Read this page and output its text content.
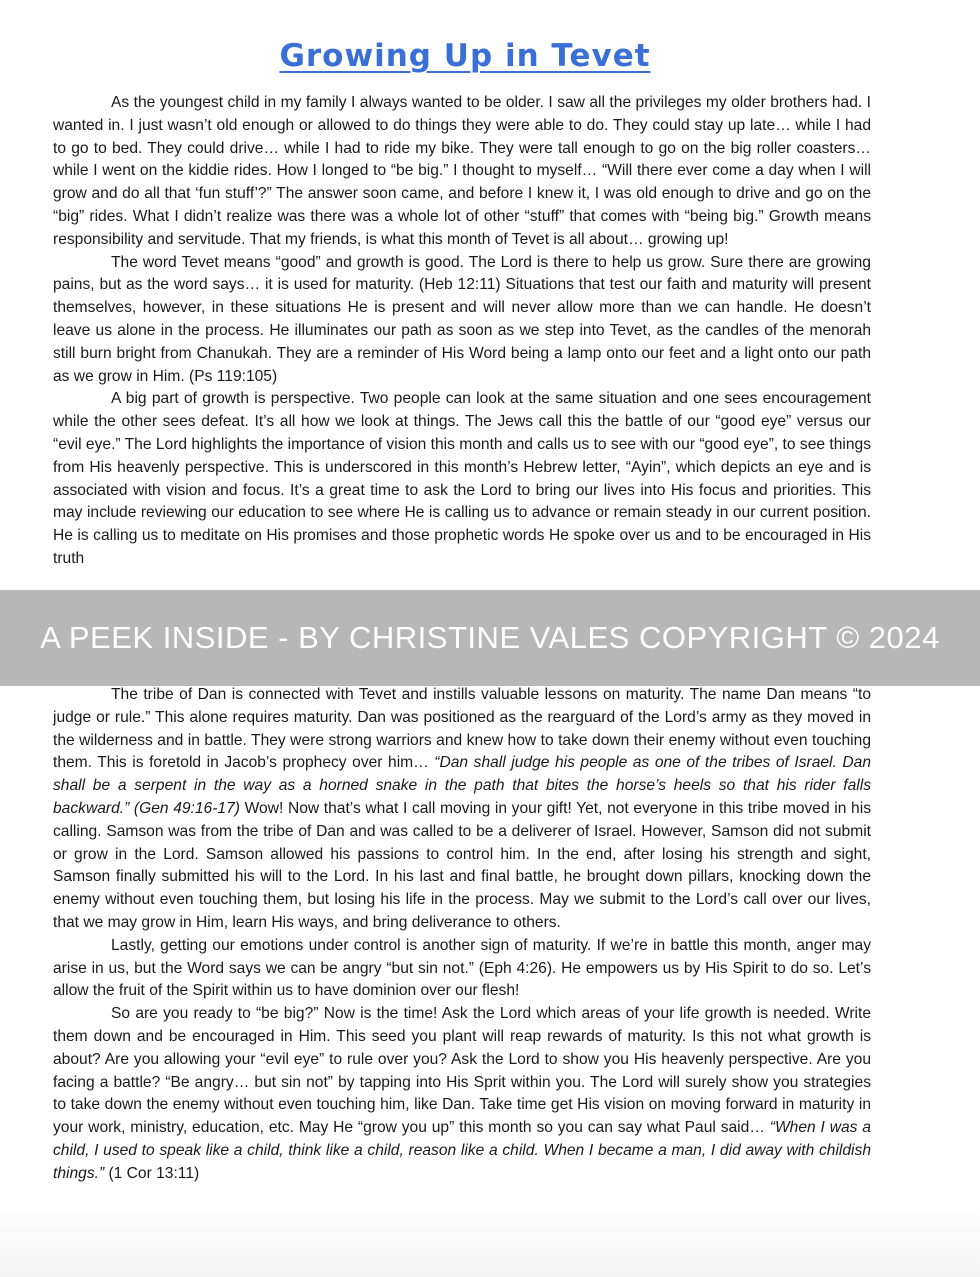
Growing Up in Tevet

As the youngest child in my family I always wanted to be older. I saw all the privileges my older brothers had. I wanted in. I just wasn’t old enough or allowed to do things they were able to do. They could stay up late… while I had to go to bed. They could drive… while I had to ride my bike. They were tall enough to go on the big roller coasters… while I went on the kiddie rides. How I longed to “be big.” I thought to myself… “Will there ever come a day when I will grow and do all that ‘fun stuff’?” The answer soon came, and before I knew it, I was old enough to drive and go on the “big” rides. What I didn’t realize was there was a whole lot of other “stuff” that comes with “being big.” Growth means responsibility and servitude. That my friends, is what this month of Tevet is all about… growing up!

The word Tevet means “good” and growth is good. The Lord is there to help us grow. Sure there are growing pains, but as the word says… it is used for maturity. (Heb 12:11) Situations that test our faith and maturity will present themselves, however, in these situations He is present and will never allow more than we can handle. He doesn’t leave us alone in the process. He illuminates our path as soon as we step into Tevet, as the candles of the menorah still burn bright from Chanukah. They are a reminder of His Word being a lamp onto our feet and a light onto our path as we grow in Him. (Ps 119:105)

A big part of growth is perspective. Two people can look at the same situation and one sees encouragement while the other sees defeat. It’s all how we look at things. The Jews call this the battle of our “good eye” versus our “evil eye.” The Lord highlights the importance of vision this month and calls us to see with our “good eye”, to see things from His heavenly perspective. This is underscored in this month’s Hebrew letter, “Ayin”, which depicts an eye and is associated with vision and focus. It’s a great time to ask the Lord to bring our lives into His focus and priorities. This may include reviewing our education to see where He is calling us to advance or remain steady in our current position. He is calling us to meditate on His promises and those prophetic words He spoke over us and to be encouraged in His truth

The tribe of Dan is connected with Tevet and instills valuable lessons on maturity. The name Dan means “to judge or rule.” This alone requires maturity. Dan was positioned as the rearguard of the Lord’s army as they moved in the wilderness and in battle. They were strong warriors and knew how to take down their enemy without even touching them. This is foretold in Jacob’s prophecy over him… “Dan shall judge his people as one of the tribes of Israel. Dan shall be a serpent in the way as a horned snake in the path that bites the horse’s heels so that his rider falls backward.” (Gen 49:16-17) Wow! Now that’s what I call moving in your gift! Yet, not everyone in this tribe moved in his calling. Samson was from the tribe of Dan and was called to be a deliverer of Israel. However, Samson did not submit or grow in the Lord. Samson allowed his passions to control him. In the end, after losing his strength and sight, Samson finally submitted his will to the Lord. In his last and final battle, he brought down pillars, knocking down the enemy without even touching them, but losing his life in the process. May we submit to the Lord’s call over our lives, that we may grow in Him, learn His ways, and bring deliverance to others.

Lastly, getting our emotions under control is another sign of maturity. If we’re in battle this month, anger may arise in us, but the Word says we can be angry “but sin not.” (Eph 4:26). He empowers us by His Spirit to do so. Let’s allow the fruit of the Spirit within us to have dominion over our flesh!

So are you ready to “be big?” Now is the time! Ask the Lord which areas of your life growth is needed. Write them down and be encouraged in Him. This seed you plant will reap rewards of maturity. Is this not what growth is about? Are you allowing your “evil eye” to rule over you? Ask the Lord to show you His heavenly perspective. Are you facing a battle? “Be angry… but sin not” by tapping into His Sprit within you. The Lord will surely show you strategies to take down the enemy without even touching him, like Dan. Take time get His vision on moving forward in maturity in your work, ministry, education, etc. May He “grow you up” this month so you can say what Paul said… “When I was a child, I used to speak like a child, think like a child, reason like a child. When I became a man, I did away with childish things.” (1 Cor 13:11)

A PEEK INSIDE - BY CHRISTINE VALES COPYRIGHT © 2024
